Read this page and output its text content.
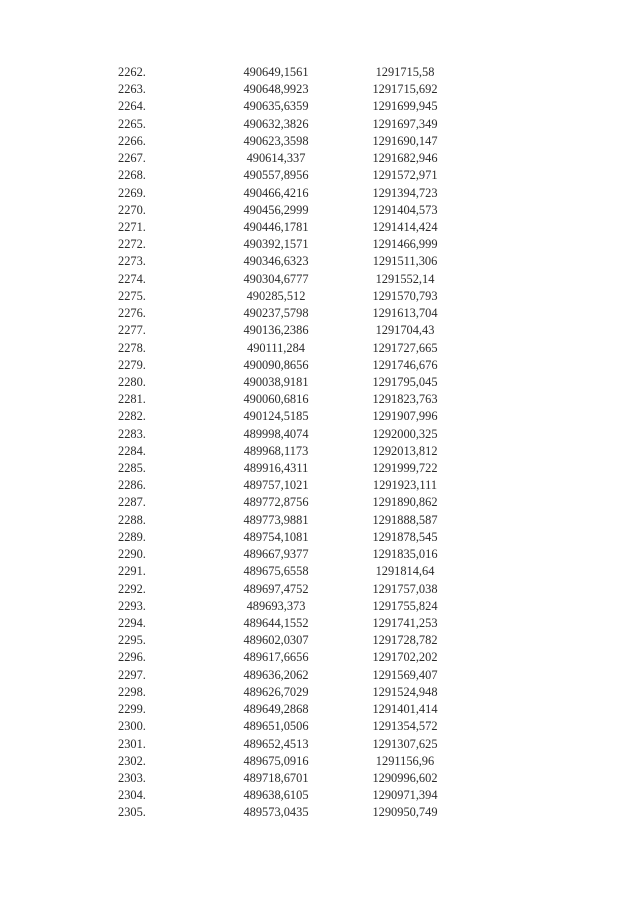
2262.	490649,1561	1291715,58
2263.	490648,9923	1291715,692
2264.	490635,6359	1291699,945
2265.	490632,3826	1291697,349
2266.	490623,3598	1291690,147
2267.	490614,337	1291682,946
2268.	490557,8956	1291572,971
2269.	490466,4216	1291394,723
2270.	490456,2999	1291404,573
2271.	490446,1781	1291414,424
2272.	490392,1571	1291466,999
2273.	490346,6323	1291511,306
2274.	490304,6777	1291552,14
2275.	490285,512	1291570,793
2276.	490237,5798	1291613,704
2277.	490136,2386	1291704,43
2278.	490111,284	1291727,665
2279.	490090,8656	1291746,676
2280.	490038,9181	1291795,045
2281.	490060,6816	1291823,763
2282.	490124,5185	1291907,996
2283.	489998,4074	1292000,325
2284.	489968,1173	1292013,812
2285.	489916,4311	1291999,722
2286.	489757,1021	1291923,111
2287.	489772,8756	1291890,862
2288.	489773,9881	1291888,587
2289.	489754,1081	1291878,545
2290.	489667,9377	1291835,016
2291.	489675,6558	1291814,64
2292.	489697,4752	1291757,038
2293.	489693,373	1291755,824
2294.	489644,1552	1291741,253
2295.	489602,0307	1291728,782
2296.	489617,6656	1291702,202
2297.	489636,2062	1291569,407
2298.	489626,7029	1291524,948
2299.	489649,2868	1291401,414
2300.	489651,0506	1291354,572
2301.	489652,4513	1291307,625
2302.	489675,0916	1291156,96
2303.	489718,6701	1290996,602
2304.	489638,6105	1290971,394
2305.	489573,0435	1290950,749
